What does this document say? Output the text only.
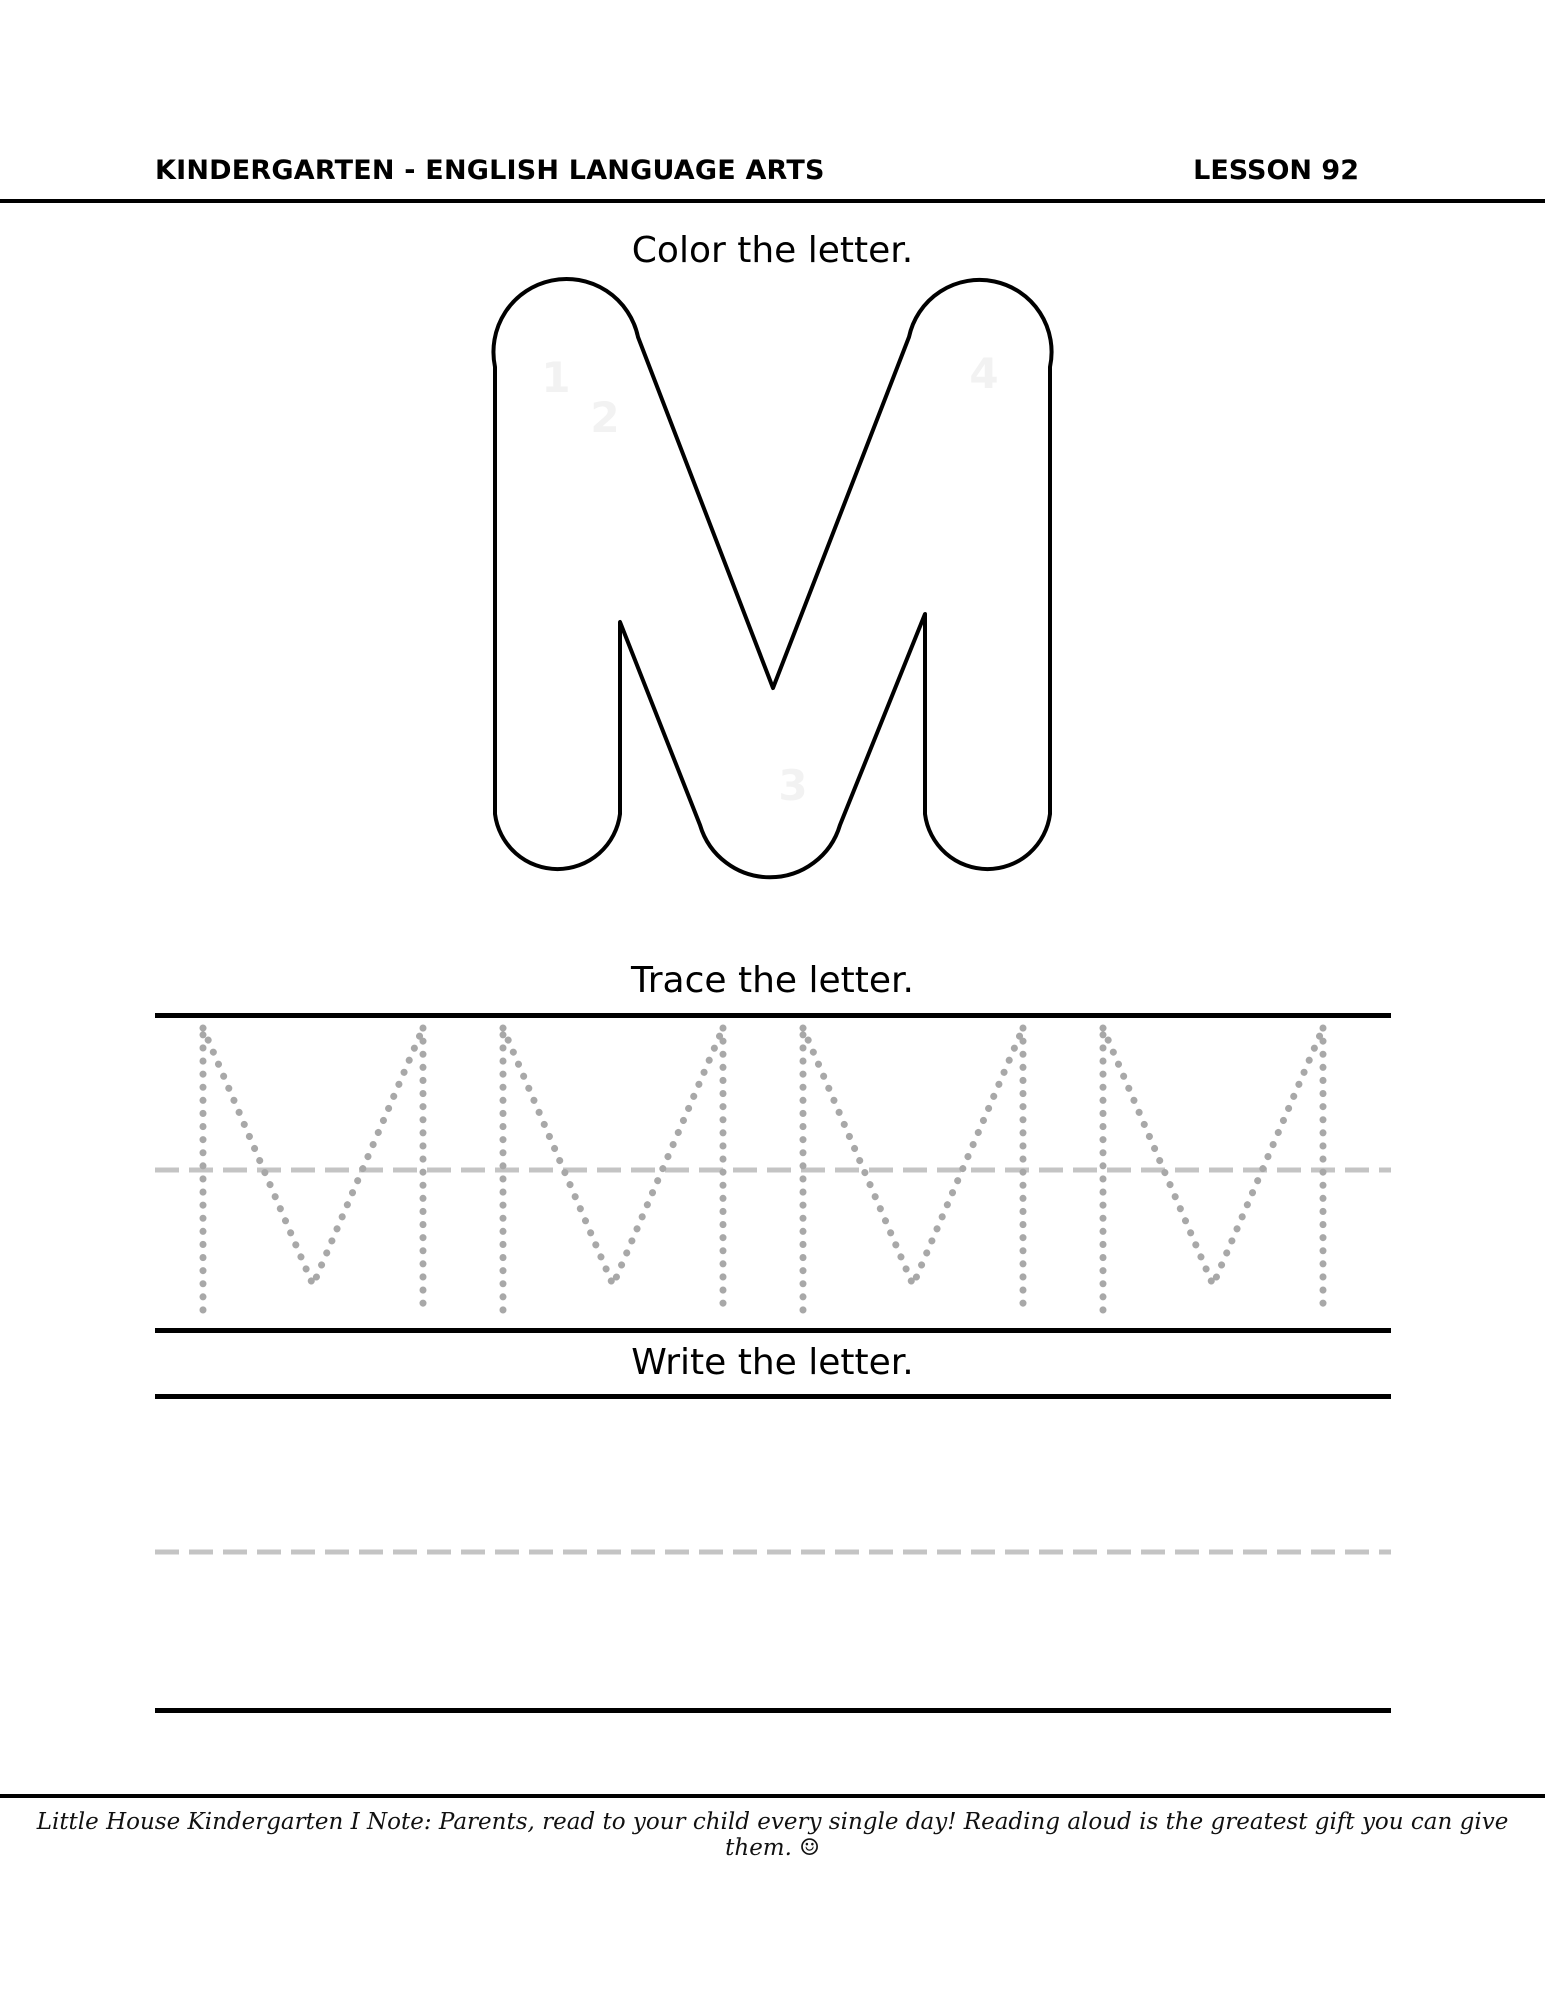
KINDERGARTEN - ENGLISH LANGUAGE ARTS	LESSON 92
Color the letter.
1
2
3
4
Trace the letter.
Write the letter.
Little House Kindergarten I Note: Parents, read to your child every single day! Reading aloud is the greatest gift you can give them. ☺
